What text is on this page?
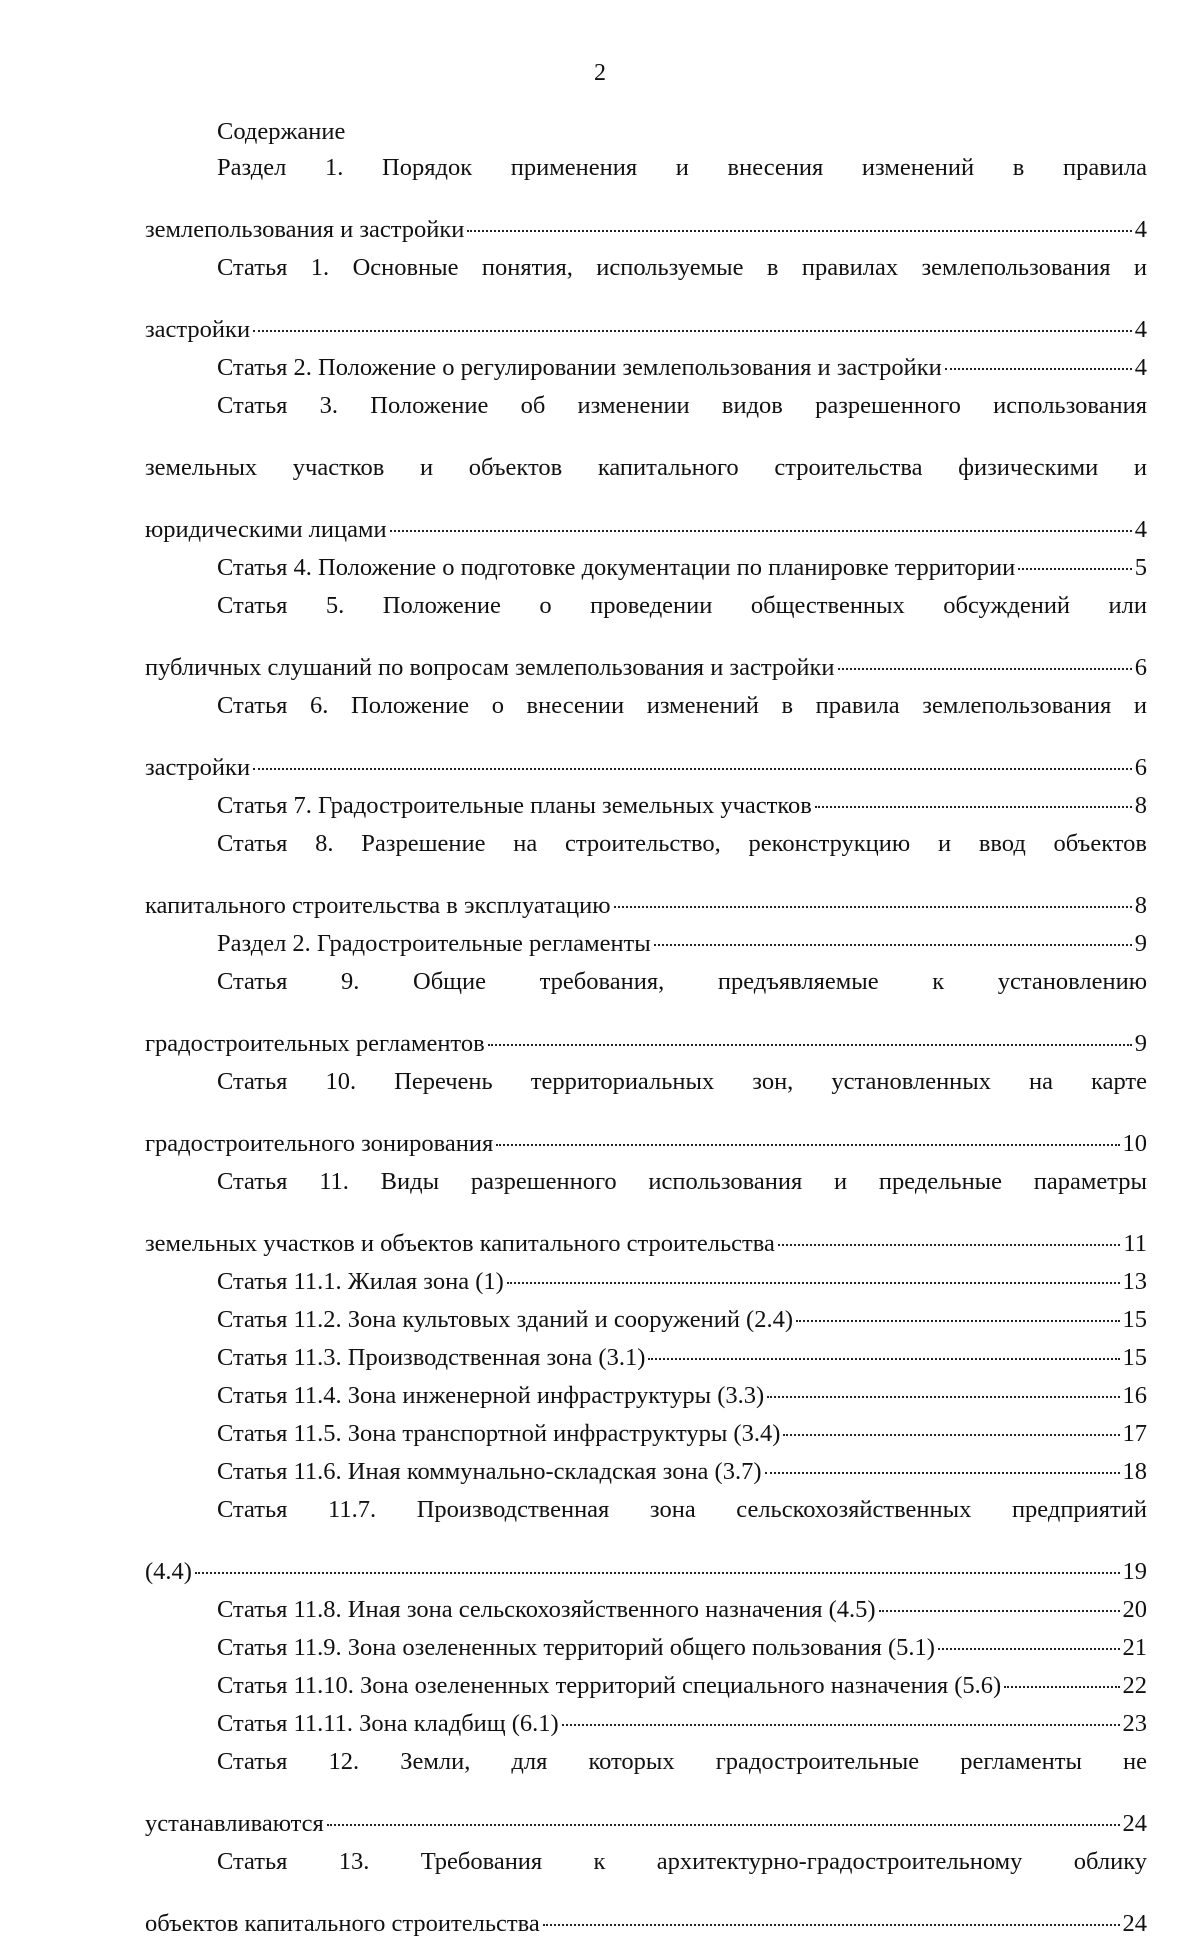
2
Содержание
Раздел 1. Порядок применения и внесения изменений в правила
землепользования и застройки	4
Статья 1. Основные понятия, используемые в правилах землепользования и
застройки	4
Статья 2. Положение о регулировании землепользования и застройки	4
Статья 3. Положение об изменении видов разрешенного использования
земельных участков и объектов капитального строительства физическими и
юридическими лицами	4
Статья 4. Положение о подготовке документации по планировке территории	5
Статья 5. Положение о проведении общественных обсуждений или
публичных слушаний по вопросам землепользования и застройки	6
Статья 6. Положение о внесении изменений в правила землепользования и
застройки	6
Статья 7. Градостроительные планы земельных участков	8
Статья 8. Разрешение на строительство, реконструкцию и ввод объектов
капитального строительства в эксплуатацию	8
Раздел 2. Градостроительные регламенты	9
Статья 9. Общие требования, предъявляемые к установлению
градостроительных регламентов	9
Статья 10. Перечень территориальных зон, установленных на карте
градостроительного зонирования	10
Статья 11. Виды разрешенного использования и предельные параметры
земельных участков и объектов капитального строительства	11
Статья 11.1. Жилая зона (1)	13
Статья 11.2. Зона культовых зданий и сооружений (2.4)	15
Статья 11.3. Производственная зона (3.1)	15
Статья 11.4. Зона инженерной инфраструктуры (3.3)	16
Статья 11.5. Зона транспортной инфраструктуры (3.4)	17
Статья 11.6. Иная коммунально-складская зона (3.7)	18
Статья 11.7. Производственная зона сельскохозяйственных предприятий
(4.4)	19
Статья 11.8. Иная зона сельскохозяйственного назначения (4.5)	20
Статья 11.9. Зона озелененных территорий общего пользования (5.1)	21
Статья 11.10. Зона озелененных территорий специального назначения (5.6)	22
Статья 11.11. Зона кладбищ (6.1)	23
Статья 12. Земли, для которых градостроительные регламенты не
устанавливаются	24
Статья 13. Требования к архитектурно-градостроительному облику
объектов капитального строительства	24
